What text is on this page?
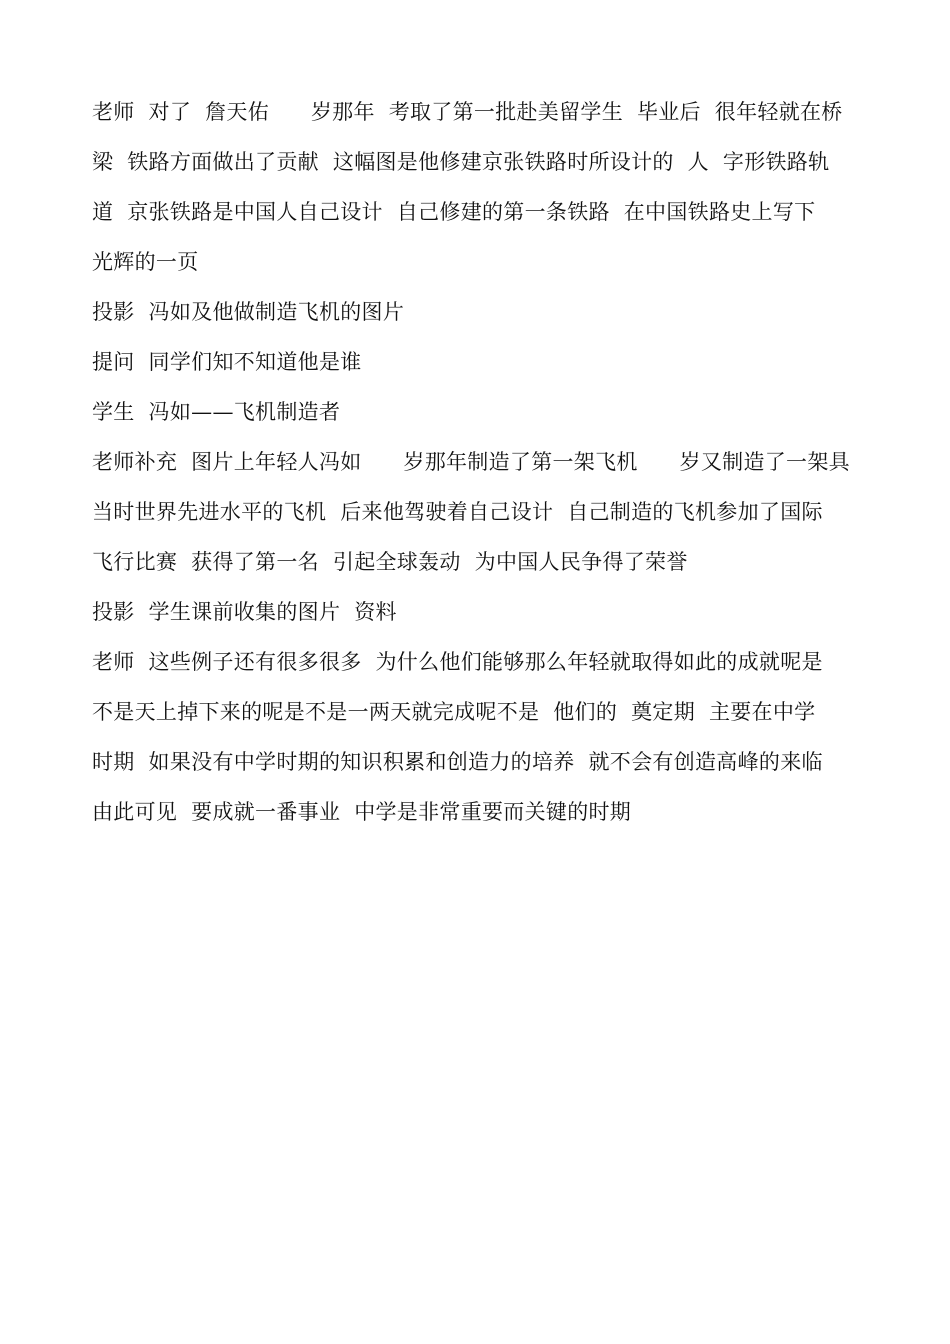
老师  对了  詹天佑      岁那年  考取了第一批赴美留学生  毕业后  很年轻就在桥
梁  铁路方面做出了贡献  这幅图是他修建京张铁路时所设计的  人  字形铁路轨
道  京张铁路是中国人自己设计  自己修建的第一条铁路  在中国铁路史上写下
光辉的一页
投影  冯如及他做制造飞机的图片
提问  同学们知不知道他是谁
学生  冯如——飞机制造者
老师补充  图片上年轻人冯如      岁那年制造了第一架飞机      岁又制造了一架具
当时世界先进水平的飞机  后来他驾驶着自己设计  自己制造的飞机参加了国际
飞行比赛  获得了第一名  引起全球轰动  为中国人民争得了荣誉
投影  学生课前收集的图片  资料
老师  这些例子还有很多很多  为什么他们能够那么年轻就取得如此的成就呢是
不是天上掉下来的呢是不是一两天就完成呢不是  他们的  奠定期  主要在中学
时期  如果没有中学时期的知识积累和创造力的培养  就不会有创造高峰的来临
由此可见  要成就一番事业  中学是非常重要而关键的时期
